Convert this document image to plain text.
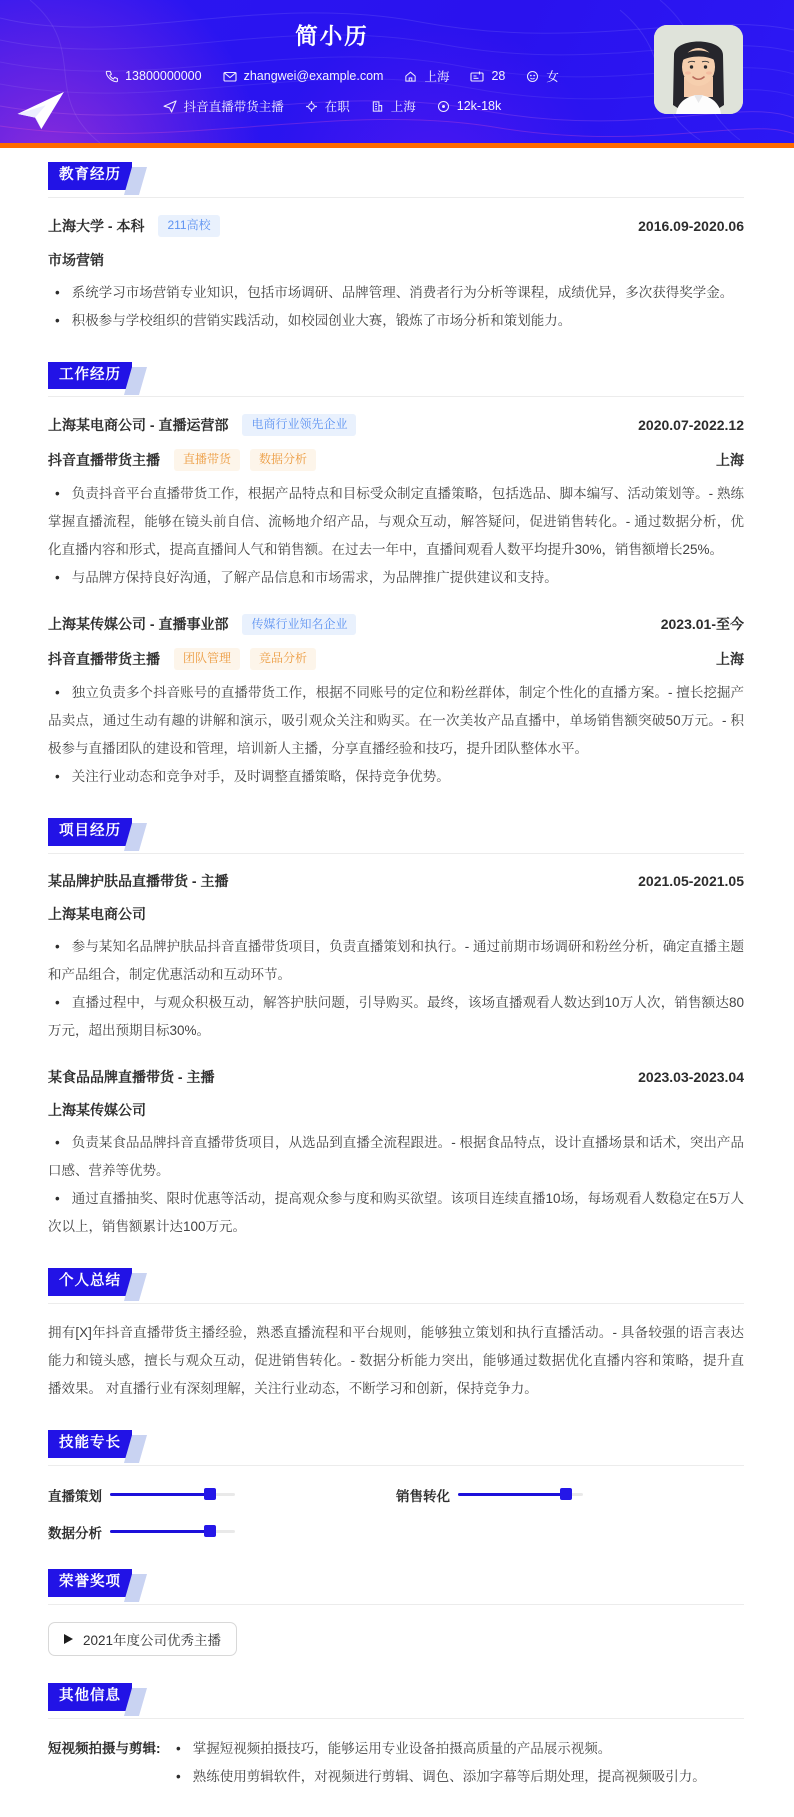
简小历
13800000000	zhangwei@example.com	上海	28	女
抖音直播带货主播	在职	上海	12k-18k
教育经历
上海大学 - 本科	211高校	2016.09-2020.06
市场营销

• 系统学习市场营销专业知识，包括市场调研、品牌管理、消费者行为分析等课程，成绩优异，多次获得奖学金。

• 积极参与学校组织的营销实践活动，如校园创业大赛，锻炼了市场分析和策划能力。

工作经历
上海某电商公司 - 直播运营部	电商行业领先企业	2020.07-2022.12
抖音直播带货主播	直播带货	数据分析	上海

• 负责抖音平台直播带货工作，根据产品特点和目标受众制定直播策略，包括选品、脚本编写、活动策划等。- 熟练掌握直播流程，能够在镜头前自信、流畅地介绍产品，与观众互动，解答疑问，促进销售转化。- 通过数据分析，优化直播内容和形式，提高直播间人气和销售额。在过去一年中，直播间观看人数平均提升30%，销售额增长25%。

• 与品牌方保持良好沟通，了解产品信息和市场需求，为品牌推广提供建议和支持。

上海某传媒公司 - 直播事业部	传媒行业知名企业	2023.01-至今
抖音直播带货主播	团队管理	竞品分析	上海

• 独立负责多个抖音账号的直播带货工作，根据不同账号的定位和粉丝群体，制定个性化的直播方案。- 擅长挖掘产品卖点，通过生动有趣的讲解和演示，吸引观众关注和购买。在一次美妆产品直播中，单场销售额突破50万元。- 积极参与直播团队的建设和管理，培训新人主播，分享直播经验和技巧，提升团队整体水平。

• 关注行业动态和竞争对手，及时调整直播策略，保持竞争优势。

项目经历
某品牌护肤品直播带货 - 主播	2021.05-2021.05
上海某电商公司

• 参与某知名品牌护肤品抖音直播带货项目，负责直播策划和执行。- 通过前期市场调研和粉丝分析，确定直播主题和产品组合，制定优惠活动和互动环节。

• 直播过程中，与观众积极互动，解答护肤问题，引导购买。最终，该场直播观看人数达到10万人次，销售额达80万元，超出预期目标30%。

某食品品牌直播带货 - 主播	2023.03-2023.04
上海某传媒公司

• 负责某食品品牌抖音直播带货项目，从选品到直播全流程跟进。- 根据食品特点，设计直播场景和话术，突出产品口感、营养等优势。

• 通过直播抽奖、限时优惠等活动，提高观众参与度和购买欲望。该项目连续直播10场，每场观看人数稳定在5万人次以上，销售额累计达100万元。

个人总结

拥有[X]年抖音直播带货主播经验，熟悉直播流程和平台规则，能够独立策划和执行直播活动。- 具备较强的语言表达能力和镜头感，擅长与观众互动，促进销售转化。- 数据分析能力突出，能够通过数据优化直播内容和策略，提升直播效果。 对直播行业有深刻理解，关注行业动态，不断学习和创新，保持竞争力。

技能专长
直播策划	销售转化
数据分析
荣誉奖项
2021年度公司优秀主播
其他信息
短视频拍摄与剪辑:	• 掌握短视频拍摄技巧，能够运用专业设备拍摄高质量的产品展示视频。

• 熟练使用剪辑软件，对视频进行剪辑、调色、添加字幕等后期处理，提高视频吸引力。
